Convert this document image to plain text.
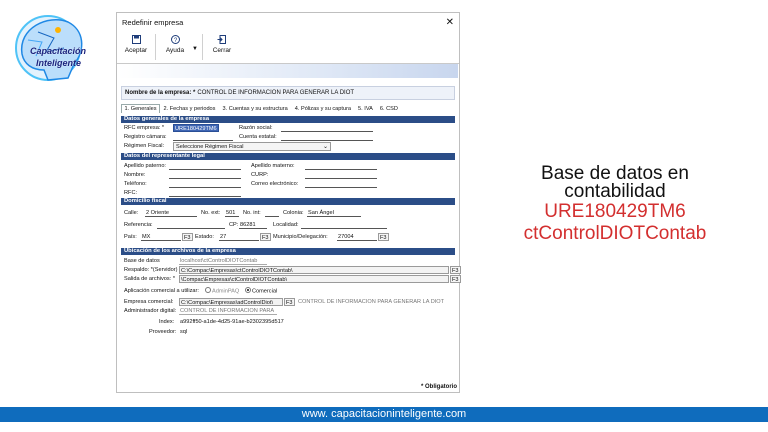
Capacitación
Inteligente
Redefinir empresa	✕
Aceptar
?
Ayuda ▼ Cerrar
Nombre de la empresa: * CONTROL DE INFORMACION PARA GENERAR LA DIOT
1. Generales	2. Fechas y periodos	3. Cuentas y su estructura	4. Pólizas y su captura	5. IVA	6. CSD
Datos generales de la empresa
RFC empresa: *	URE180429TM6	Razón social:
Registro cámara:	Cuenta estatal:
Régimen Fiscal:	Seleccione Régimen Fiscal	⌄
Datos del representante legal
Apellido paterno:	Apellido materno:
Nombre:	CURP:
Teléfono:	Correo electrónico:
RFC:
Domicilio fiscal
Calle: 2 Oriente	No. ext: 501	No. int:	Colonia: San Ángel
Referencia:	CP: 86281	Localidad:
País: MX	F3 Estado: 27	F3 Municipio/Delegación: 27004	F3
Ubicación de los archivos de la empresa
Base de datos	localhost\ctControlDIOTContab
Respaldo: *(Servidor) C:\Compac\Empresas\ctControlDIOTContab\	F3
Salida de archivos: *	\Compac\Empresas\ctControlDIOTContab\	F3
Aplicación comercial a utilizar:	AdminPAQ	Comercial
Empresa comercial:	C:\Compac\Empresas\adControlDiot\	F3 CONTROL DE INFORMACION PARA GENERAR LA DIOT
Administrador digital: CONTROL DE INFORMACION PARA
Index: a992ff50-a1de-4d25-91ae-b2302395d517
Proveedor: sql
* Obligatorio
Base de datos en
contabilidad
URE180429TM6
ctControlDIOTContab
www. capacitacioninteligente.com
